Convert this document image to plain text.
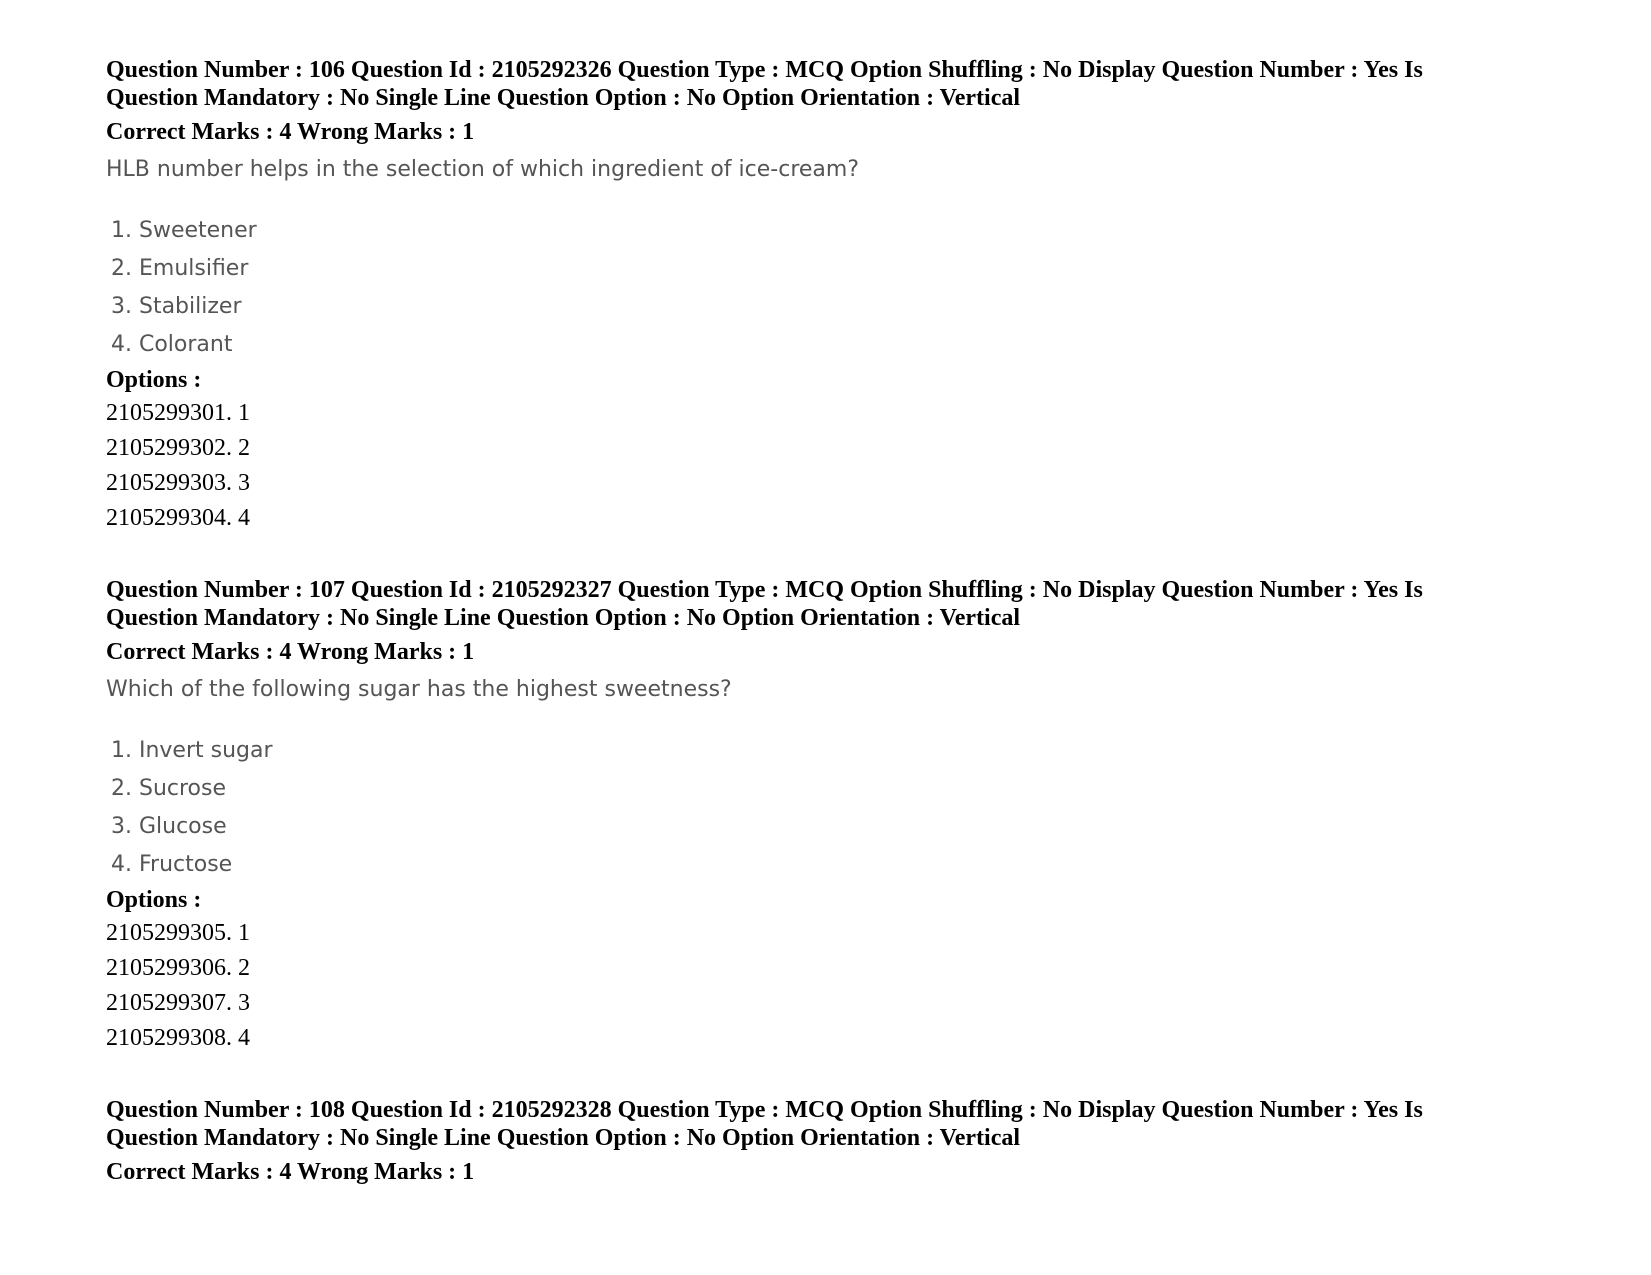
Question Number : 106 Question Id : 2105292326 Question Type : MCQ Option Shuffling : No Display Question Number : Yes Is
Question Mandatory : No Single Line Question Option : No Option Orientation : Vertical
Correct Marks : 4 Wrong Marks : 1
HLB number helps in the selection of which ingredient of ice-cream?
1. Sweetener
2. Emulsifier
3. Stabilizer
4. Colorant
Options :
2105299301. 1
2105299302. 2
2105299303. 3
2105299304. 4
Question Number : 107 Question Id : 2105292327 Question Type : MCQ Option Shuffling : No Display Question Number : Yes Is
Question Mandatory : No Single Line Question Option : No Option Orientation : Vertical
Correct Marks : 4 Wrong Marks : 1
Which of the following sugar has the highest sweetness?
1. Invert sugar
2. Sucrose
3. Glucose
4. Fructose
Options :
2105299305. 1
2105299306. 2
2105299307. 3
2105299308. 4
Question Number : 108 Question Id : 2105292328 Question Type : MCQ Option Shuffling : No Display Question Number : Yes Is
Question Mandatory : No Single Line Question Option : No Option Orientation : Vertical
Correct Marks : 4 Wrong Marks : 1
